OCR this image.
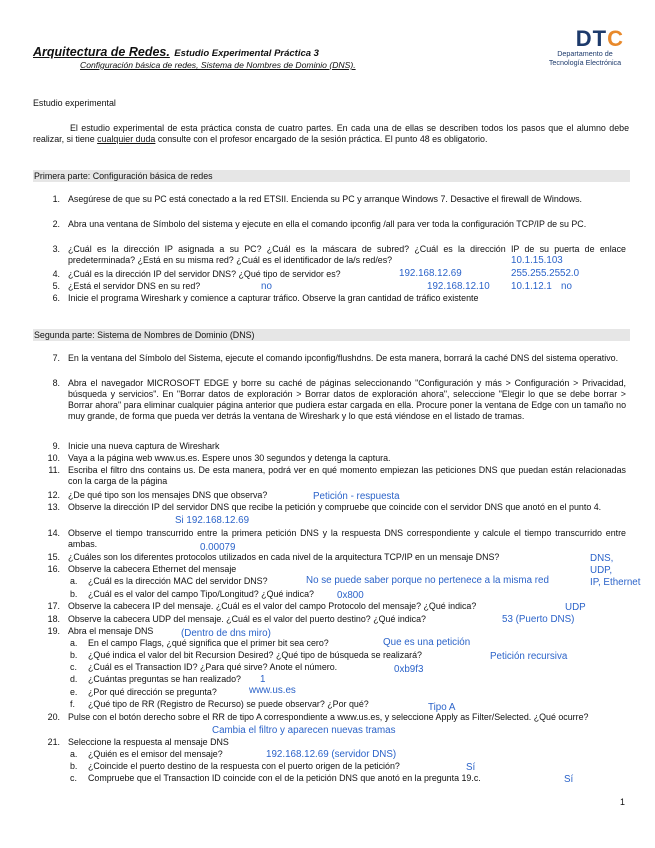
Arquitectura de Redes. Estudio Experimental Práctica 3
Configuración básica de redes, Sistema de Nombres de Dominio (DNS).
DTC
Departamento de
Tecnología Electrónica
Estudio experimental
El estudio experimental de esta práctica consta de cuatro partes. En cada una de ellas se describen todos los pasos que el alumno debe realizar, si tiene cualquier duda consulte con el profesor encargado de la sesión práctica. El punto 48 es obligatorio.
Primera parte: Configuración básica de redes
1. Asegúrese de que su PC está conectado a la red ETSII. Encienda su PC y arranque Windows 7. Desactive el firewall de Windows.
2. Abra una ventana de Símbolo del sistema y ejecute en ella el comando ipconfig /all para ver toda la configuración TCP/IP de su PC.
3. ¿Cuál es la dirección IP asignada a su PC? ¿Cuál es la máscara de subred? ¿Cuál es la dirección IP de su puerta de enlace predeterminada? ¿Está en su misma red? ¿Cuál es el identificador de la/s red/es?	10.1.15.103
4. ¿Cuál es la dirección IP del servidor DNS? ¿Qué tipo de servidor es?	192.168.12.69	255.255.2552.0
5. ¿Está el servidor DNS en su red?	no	192.168.12.10 10.1.12.1 no
6. Inicie el programa Wireshark y comience a capturar tráfico. Observe la gran cantidad de tráfico existente
Segunda parte: Sistema de Nombres de Dominio (DNS)
7. En la ventana del Símbolo del Sistema, ejecute el comando ipconfig/flushdns. De esta manera, borrará la caché DNS del sistema operativo.
8. Abra el navegador MICROSOFT EDGE y borre su caché de páginas seleccionando "Configuración y más > Configuración > Privacidad, búsqueda y servicios". En "Borrar datos de exploración > Borrar datos de exploración ahora", seleccione "Elegir lo que se debe borrar > Borrar ahora" para eliminar cualquier página anterior que pudiera estar cargada en ella. Procure poner la ventana de Edge con un tamaño no muy grande, de forma que pueda ver detrás la ventana de Wireshark y lo que está viéndose en el listado de tramas.
9. Inicie una nueva captura de Wireshark
10. Vaya a la página web www.us.es. Espere unos 30 segundos y detenga la captura.
11. Escriba el filtro dns contains us. De esta manera, podrá ver en qué momento empiezan las peticiones DNS que puedan están relacionadas con la carga de la página
12. ¿De qué tipo son los mensajes DNS que observa?	Petición - respuesta
13. Observe la dirección IP del servidor DNS que recibe la petición y compruebe que coincide con el servidor DNS que anotó en el punto 4.
Si 192.168.12.69
14. Observe el tiempo transcurrido entre la primera petición DNS y la respuesta DNS correspondiente y calcule el tiempo transcurrido entre ambas.	0.00079
15. ¿Cuáles son los diferentes protocolos utilizados en cada nivel de la arquitectura TCP/IP en un mensaje DNS?	DNS,
UDP,
IP, Ethernet
16. Observe la cabecera Ethernet del mensaje
a. ¿Cuál es la dirección MAC del servidor DNS?	No se puede saber porque no pertenece a la misma red
b. ¿Cuál es el valor del campo Tipo/Longitud? ¿Qué indica? 0x800
17. Observe la cabecera IP del mensaje. ¿Cuál es el valor del campo Protocolo del mensaje? ¿Qué indica?	UDP
18. Observe la cabecera UDP del mensaje. ¿Cuál es el valor del puerto destino? ¿Qué indica?	53 (Puerto DNS)
19. Abra el mensaje DNS	(Dentro de dns miro)
a. En el campo Flags, ¿qué significa que el primer bit sea cero?	Que es una petición
b. ¿Qué indica el valor del bit Recursion Desired? ¿Qué tipo de búsqueda se realizará?	Petición recursiva
c. ¿Cuál es el Transaction ID? ¿Para qué sirve? Anote el número.	0xb9f3
d. ¿Cuántas preguntas se han realizado? 1
e. ¿Por qué dirección se pregunta?	www.us.es
f. ¿Qué tipo de RR (Registro de Recurso) se puede observar? ¿Por qué?	Tipo A
20. Pulse con el botón derecho sobre el RR de tipo A correspondiente a www.us.es, y seleccione Apply as Filter/Selected. ¿Qué ocurre?
Cambia el filtro y aparecen nuevas tramas
21. Seleccione la respuesta al mensaje DNS
a. ¿Quién es el emisor del mensaje?	192.168.12.69 (servidor DNS)
b. ¿Coincide el puerto destino de la respuesta con el puerto origen de la petición?	Sí
c. Compruebe que el Transaction ID coincide con el de la petición DNS que anotó en la pregunta 19.c.	Sí
1
